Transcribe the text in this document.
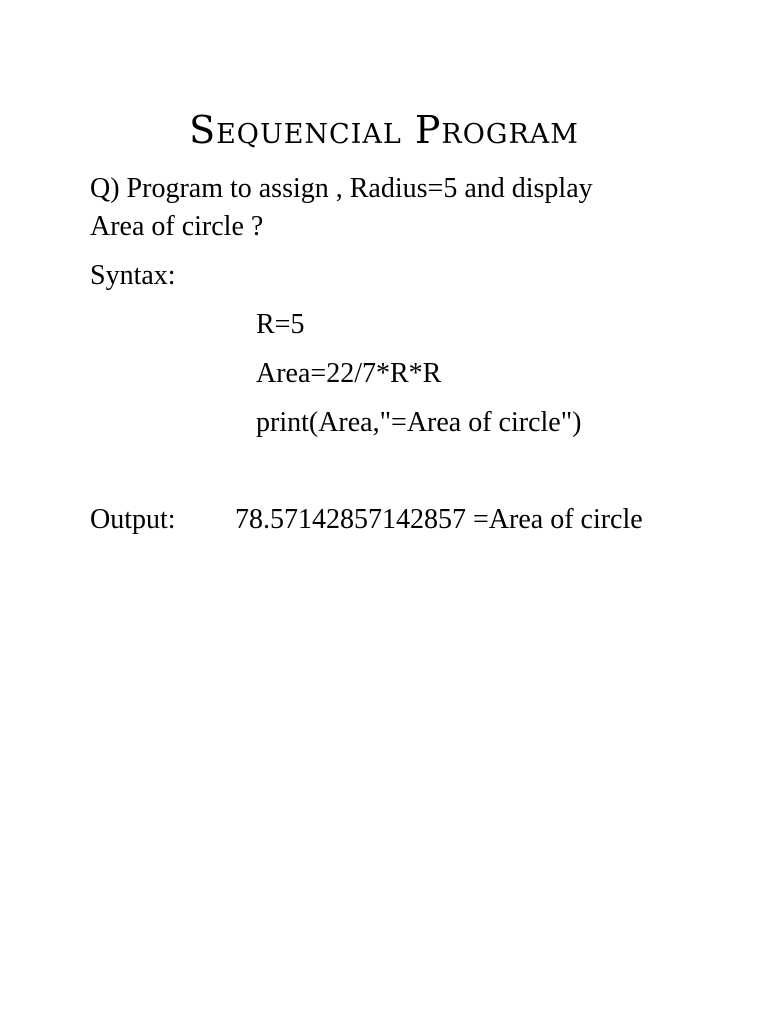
Sequencial Program
Q) Program to assign , Radius=5 and display
Area of circle ?
Syntax:
R=5
Area=22/7*R*R
print(Area,"=Area of circle")
Output: 78.57142857142857 =Area of circle
